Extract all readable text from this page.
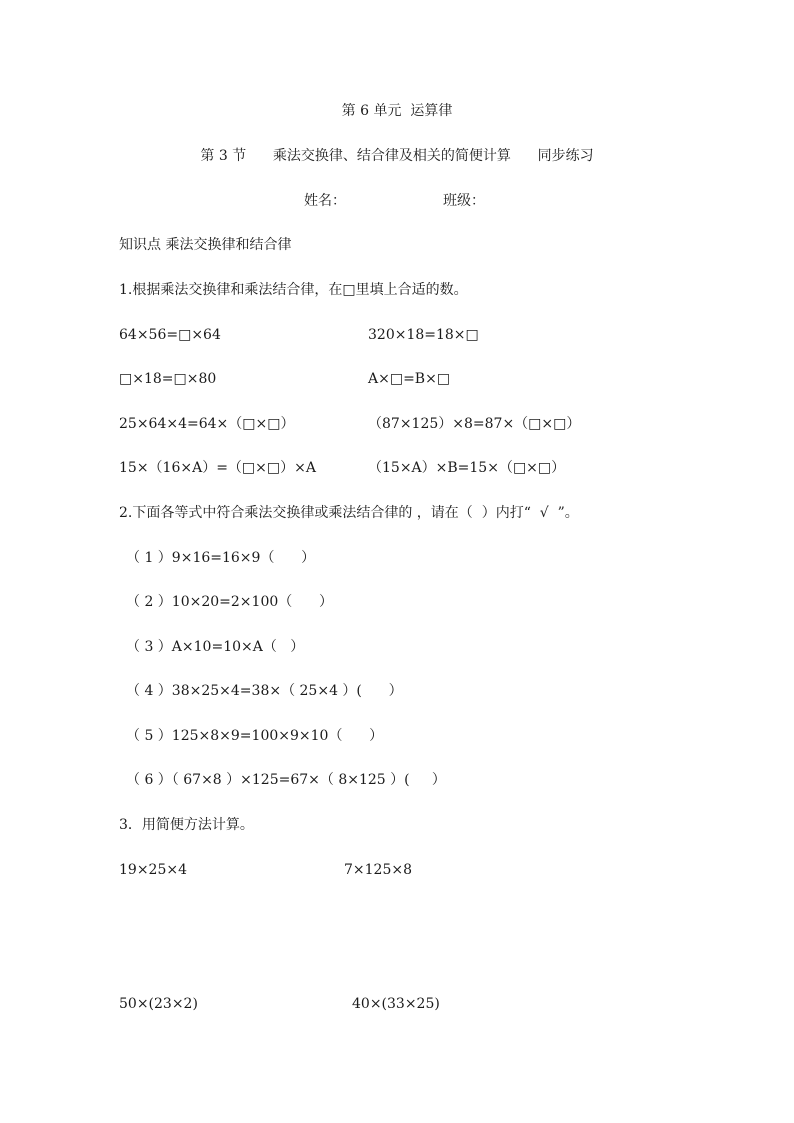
第 6 单元  运算律
第 3 节      乘法交换律、结合律及相关的简便计算      同步练习
姓名：	班级：
知识点 乘法交换律和结合律
1.根据乘法交换律和乘法结合律，在□里填上合适的数。
64×56=□×64	320×18=18×□
□×18=□×80	A×□=B×□
25×64×4=64×（□×□）	（87×125）×8=87×（□×□）
15×（16×A）=（□×□）×A	（15×A）×B=15×（□×□）
2.下面各等式中符合乘法交换律或乘法结合律的 ，请在（  ）内打“  √  ”。
（ 1 ）9×16=16×9（      ）
（ 2 ）10×20=2×100（      ）
（ 3 ）A×10=10×A（   ）
（ 4 ）38×25×4=38×（ 25×4 ）(      ）
（ 5 ）125×8×9=100×9×10（      ）
（ 6 ）（ 67×8 ）×125=67×（ 8×125 ）(     ）
3．用简便方法计算。
19×25×4	7×125×8
50×(23×2)	40×(33×25)
